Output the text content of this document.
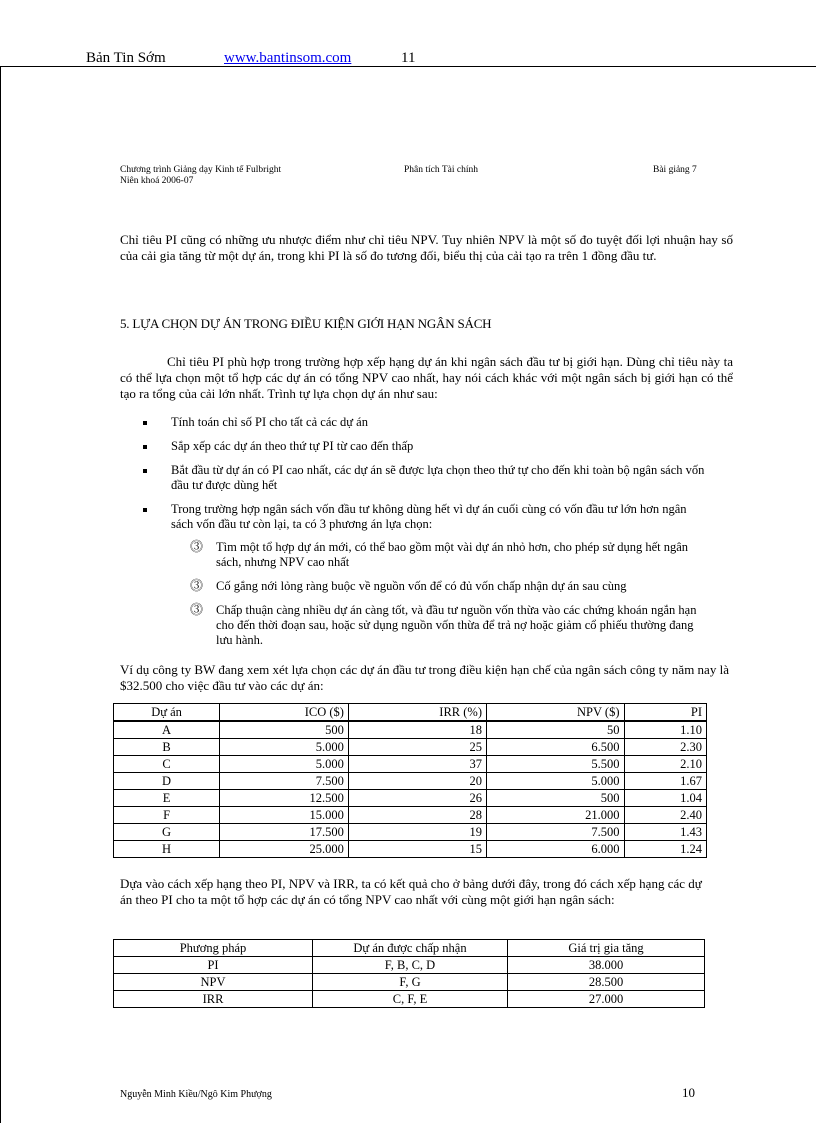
Bản Tin Sớm	www.bantinsom.com	11
Chương trình Giảng dạy Kinh tế Fulbright
Niên khoá 2006-07
Phân tích Tài chính	Bài giảng 7
Chỉ tiêu PI cũng có những ưu nhược điểm như chỉ tiêu NPV. Tuy nhiên NPV là một số đo tuyệt đối lợi nhuận hay số của cải gia tăng từ một dự án, trong khi PI là số đo tương đối, biểu thị của cải tạo ra trên 1 đồng đầu tư.
5. LỰA CHỌN DỰ ÁN TRONG ĐIỀU KIỆN GIỚI HẠN NGÂN SÁCH
Chỉ tiêu PI phù hợp trong trường hợp xếp hạng dự án khi ngân sách đầu tư bị giới hạn. Dùng chỉ tiêu này ta có thể lựa chọn một tổ hợp các dự án có tổng NPV cao nhất, hay nói cách khác với một ngân sách bị giới hạn có thể tạo ra tổng của cải lớn nhất. Trình tự lựa chọn dự án như sau:
Tính toán chỉ số PI cho tất cả các dự án
Sắp xếp các dự án theo thứ tự PI từ cao đến thấp
Bắt đầu từ dự án có PI cao nhất, các dự án sẽ được lựa chọn theo thứ tự cho đến khi toàn bộ ngân sách vốn đầu tư được dùng hết
Trong trường hợp ngân sách vốn đầu tư không dùng hết vì dự án cuối cùng có vốn đầu tư lớn hơn ngân sách vốn đầu tư còn lại, ta có 3 phương án lựa chọn:
⓷ Tìm một tổ hợp dự án mới, có thể bao gồm một vài dự án nhỏ hơn, cho phép sử dụng hết ngân sách, nhưng NPV cao nhất
⓷ Cố gắng nới lỏng ràng buộc về nguồn vốn để có đủ vốn chấp nhận dự án sau cùng
⓷ Chấp thuận càng nhiều dự án càng tốt, và đầu tư nguồn vốn thừa vào các chứng khoán ngắn hạn cho đến thời đoạn sau, hoặc sử dụng nguồn vốn thừa để trả nợ hoặc giảm cổ phiếu thường đang lưu hành.
Ví dụ công ty BW đang xem xét lựa chọn các dự án đầu tư trong điều kiện hạn chế của ngân sách công ty năm nay là $32.500 cho việc đầu tư vào các dự án:
Dự án	ICO ($)	IRR (%)	NPV ($)	PI
A	500	18	50	1.10
B	5.000	25	6.500	2.30
C	5.000	37	5.500	2.10
D	7.500	20	5.000	1.67
E	12.500	26	500	1.04
F	15.000	28	21.000	2.40
G	17.500	19	7.500	1.43
H	25.000	15	6.000	1.24
Dựa vào cách xếp hạng theo PI, NPV và IRR, ta có kết quả cho ở bảng dưới đây, trong đó cách xếp hạng các dự án theo PI cho ta một tổ hợp các dự án có tổng NPV cao nhất với cùng một giới hạn ngân sách:
Phương pháp	Dự án được chấp nhận	Giá trị gia tăng
PI	F, B, C, D	38.000
NPV	F, G	28.500
IRR	C, F, E	27.000
Nguyễn Minh Kiều/Ngô Kim Phượng	10
